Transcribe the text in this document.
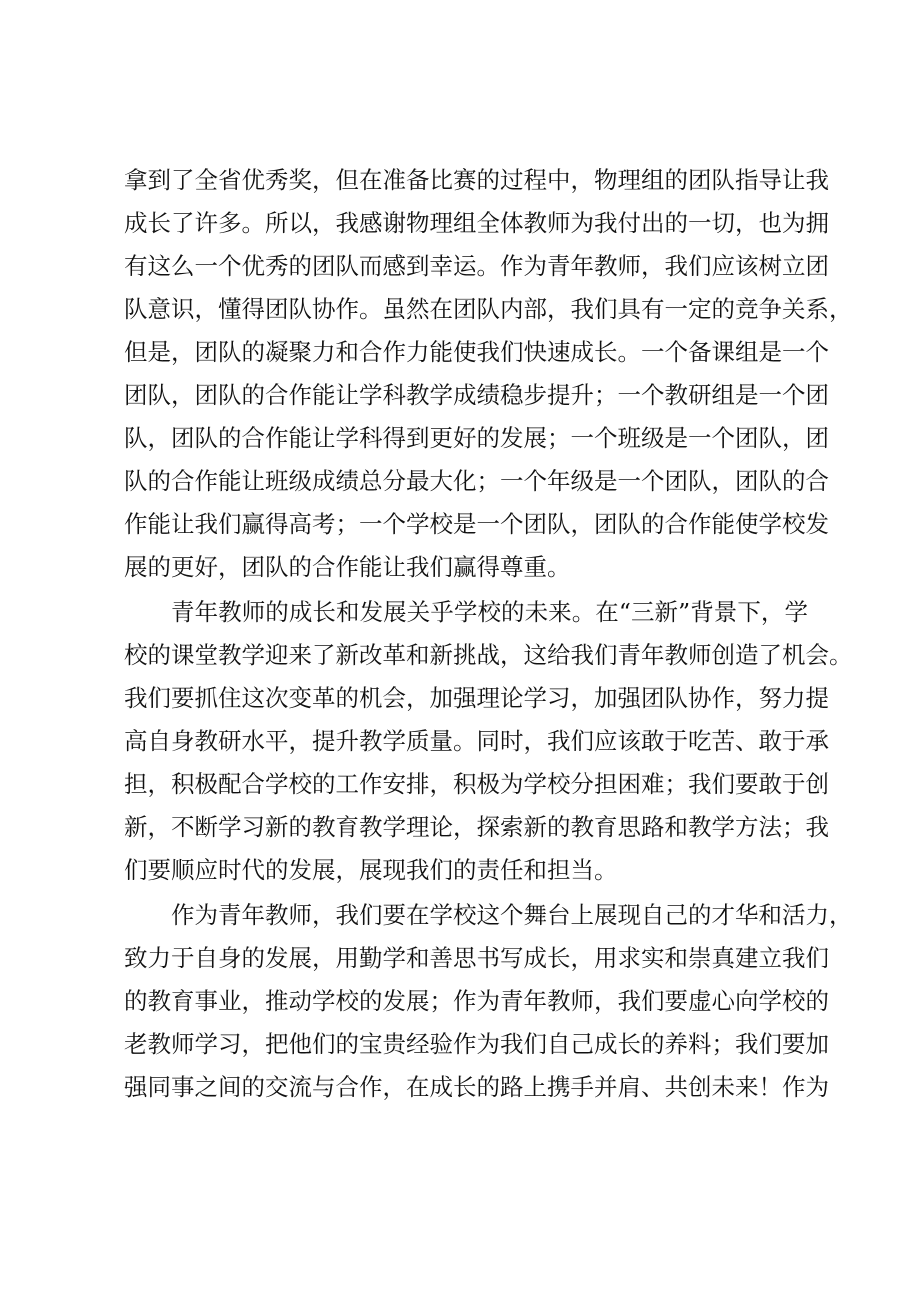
拿到了全省优秀奖，但在准备比赛的过程中，物理组的团队指导让我
成长了许多。所以，我感谢物理组全体教师为我付出的一切，也为拥
有这么一个优秀的团队而感到幸运。作为青年教师，我们应该树立团
队意识，懂得团队协作。虽然在团队内部，我们具有一定的竞争关系，
但是，团队的凝聚力和合作力能使我们快速成长。一个备课组是一个
团队，团队的合作能让学科教学成绩稳步提升；一个教研组是一个团
队，团队的合作能让学科得到更好的发展；一个班级是一个团队，团
队的合作能让班级成绩总分最大化；一个年级是一个团队，团队的合
作能让我们赢得高考；一个学校是一个团队，团队的合作能使学校发
展的更好，团队的合作能让我们赢得尊重。
青年教师的成长和发展关乎学校的未来。在“三新”背景下，学
校的课堂教学迎来了新改革和新挑战，这给我们青年教师创造了机会。
我们要抓住这次变革的机会，加强理论学习，加强团队协作，努力提
高自身教研水平，提升教学质量。同时，我们应该敢于吃苦、敢于承
担，积极配合学校的工作安排，积极为学校分担困难；我们要敢于创
新，不断学习新的教育教学理论，探索新的教育思路和教学方法；我
们要顺应时代的发展，展现我们的责任和担当。
作为青年教师，我们要在学校这个舞台上展现自己的才华和活力，
致力于自身的发展，用勤学和善思书写成长，用求实和崇真建立我们
的教育事业，推动学校的发展；作为青年教师，我们要虚心向学校的
老教师学习，把他们的宝贵经验作为我们自己成长的养料；我们要加
强同事之间的交流与合作，在成长的路上携手并肩、共创未来！作为
